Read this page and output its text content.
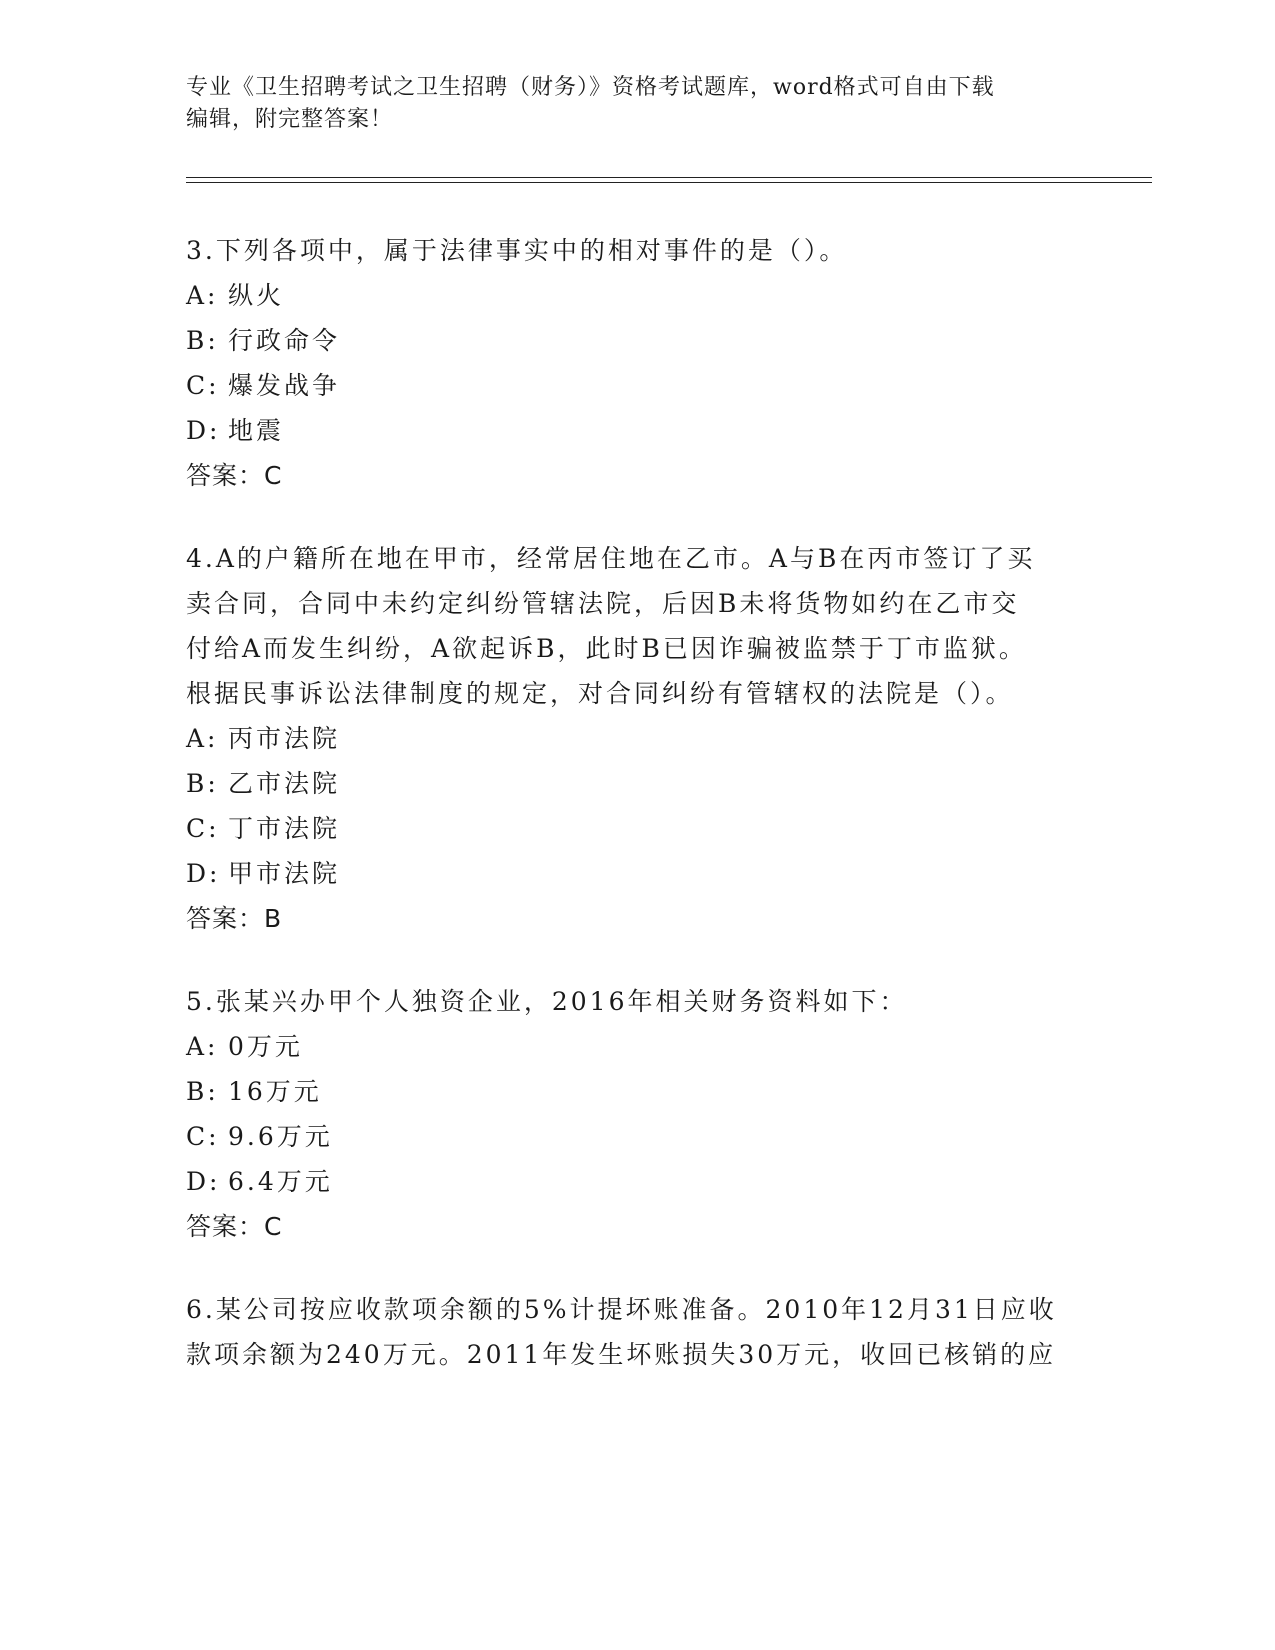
专业《卫生招聘考试之卫生招聘（财务）》资格考试题库，word格式可自由下载
编辑，附完整答案！

3.下列各项中，属于法律事实中的相对事件的是（）。

A: 纵火

B: 行政命令

C: 爆发战争

D: 地震

答案：C

4.A的户籍所在地在甲市，经常居住地在乙市。A与B在丙市签订了买

卖合同，合同中未约定纠纷管辖法院，后因B未将货物如约在乙市交

付给A而发生纠纷，A欲起诉B，此时B已因诈骗被监禁于丁市监狱。

根据民事诉讼法律制度的规定，对合同纠纷有管辖权的法院是（）。

A: 丙市法院

B: 乙市法院

C: 丁市法院

D: 甲市法院

答案：B

5.张某兴办甲个人独资企业，2016年相关财务资料如下：

A: 0万元

B: 16万元

C: 9.6万元

D: 6.4万元

答案：C

6.某公司按应收款项余额的5%计提坏账准备。2010年12月31日应收

款项余额为240万元。2011年发生坏账损失30万元，收回已核销的应
